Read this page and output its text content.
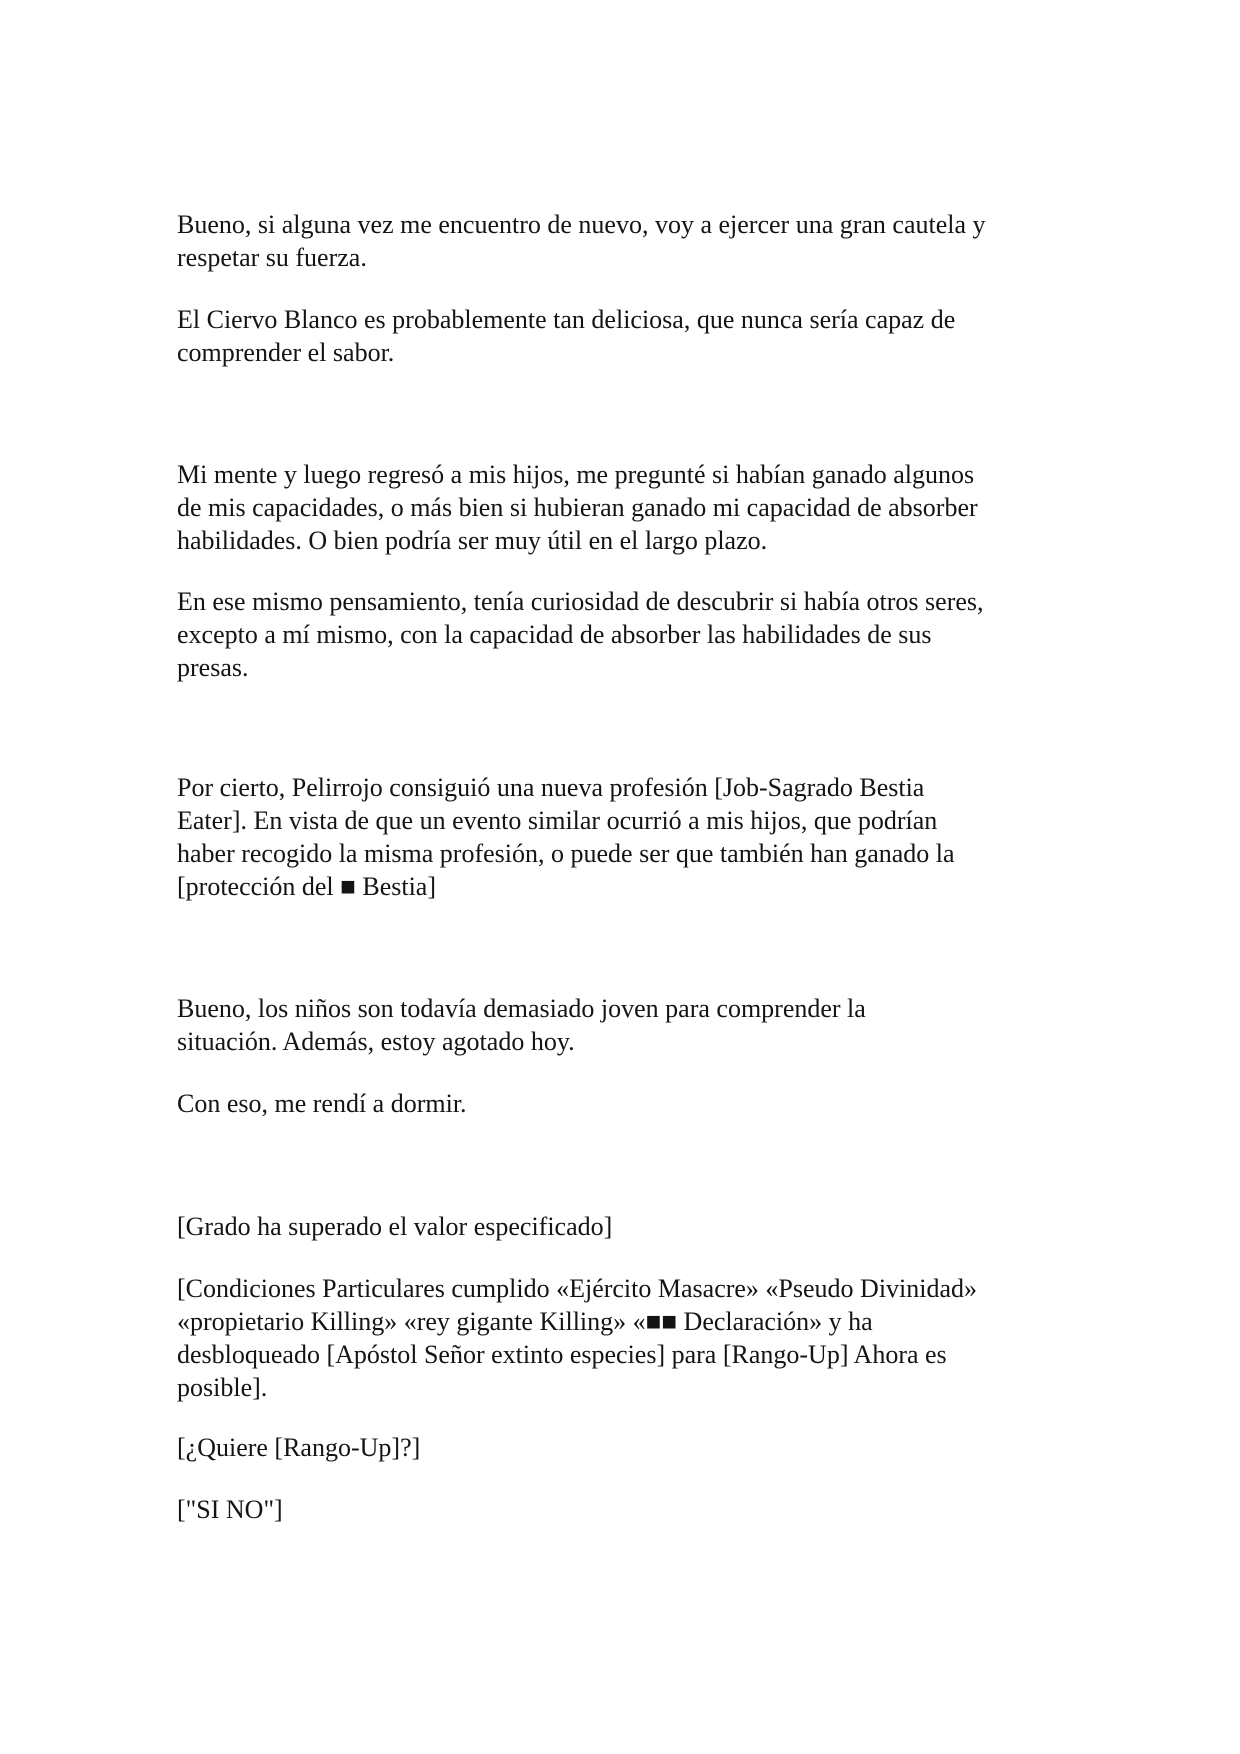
Bueno, si alguna vez me encuentro de nuevo, voy a ejercer una gran cautela y
respetar su fuerza.

El Ciervo Blanco es probablemente tan deliciosa, que nunca sería capaz de
comprender el sabor.

Mi mente y luego regresó a mis hijos, me pregunté si habían ganado algunos
de mis capacidades, o más bien si hubieran ganado mi capacidad de absorber
habilidades. O bien podría ser muy útil en el largo plazo.

En ese mismo pensamiento, tenía curiosidad de descubrir si había otros seres,
excepto a mí mismo, con la capacidad de absorber las habilidades de sus
presas.

Por cierto, Pelirrojo consiguió una nueva profesión [Job-Sagrado Bestia
Eater]. En vista de que un evento similar ocurrió a mis hijos, que podrían
haber recogido la misma profesión, o puede ser que también han ganado la
[protección del ■ Bestia]

Bueno, los niños son todavía demasiado joven para comprender la
situación. Además, estoy agotado hoy.

Con eso, me rendí a dormir.

[Grado ha superado el valor especificado]

[Condiciones Particulares cumplido «Ejército Masacre» «Pseudo Divinidad»
«propietario Killing» «rey gigante Killing» «■■ Declaración» y ha
desbloqueado [Apóstol Señor extinto especies] para [Rango-Up] Ahora es
posible].

[¿Quiere [Rango-Up]?]

["SI NO"]
